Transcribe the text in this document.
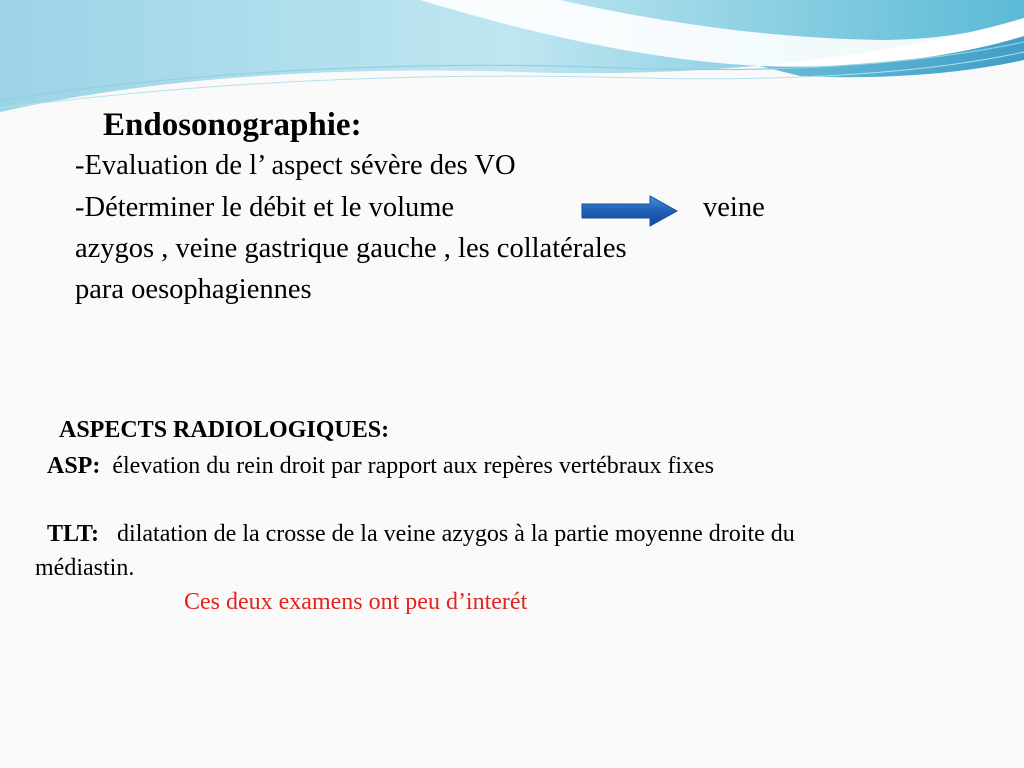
Endosonographie:
-Evaluation de l’ aspect sévère des VO
-Déterminer le débit et le volume	veine
azygos , veine gastrique gauche , les collatérales
para oesophagiennes
ASPECTS RADIOLOGIQUES:
ASP: élevation du rein droit par rapport aux repères vertébraux fixes
TLT: dilatation de la crosse de la veine azygos à la partie moyenne droite du
médiastin.
Ces deux examens ont peu d’interét
